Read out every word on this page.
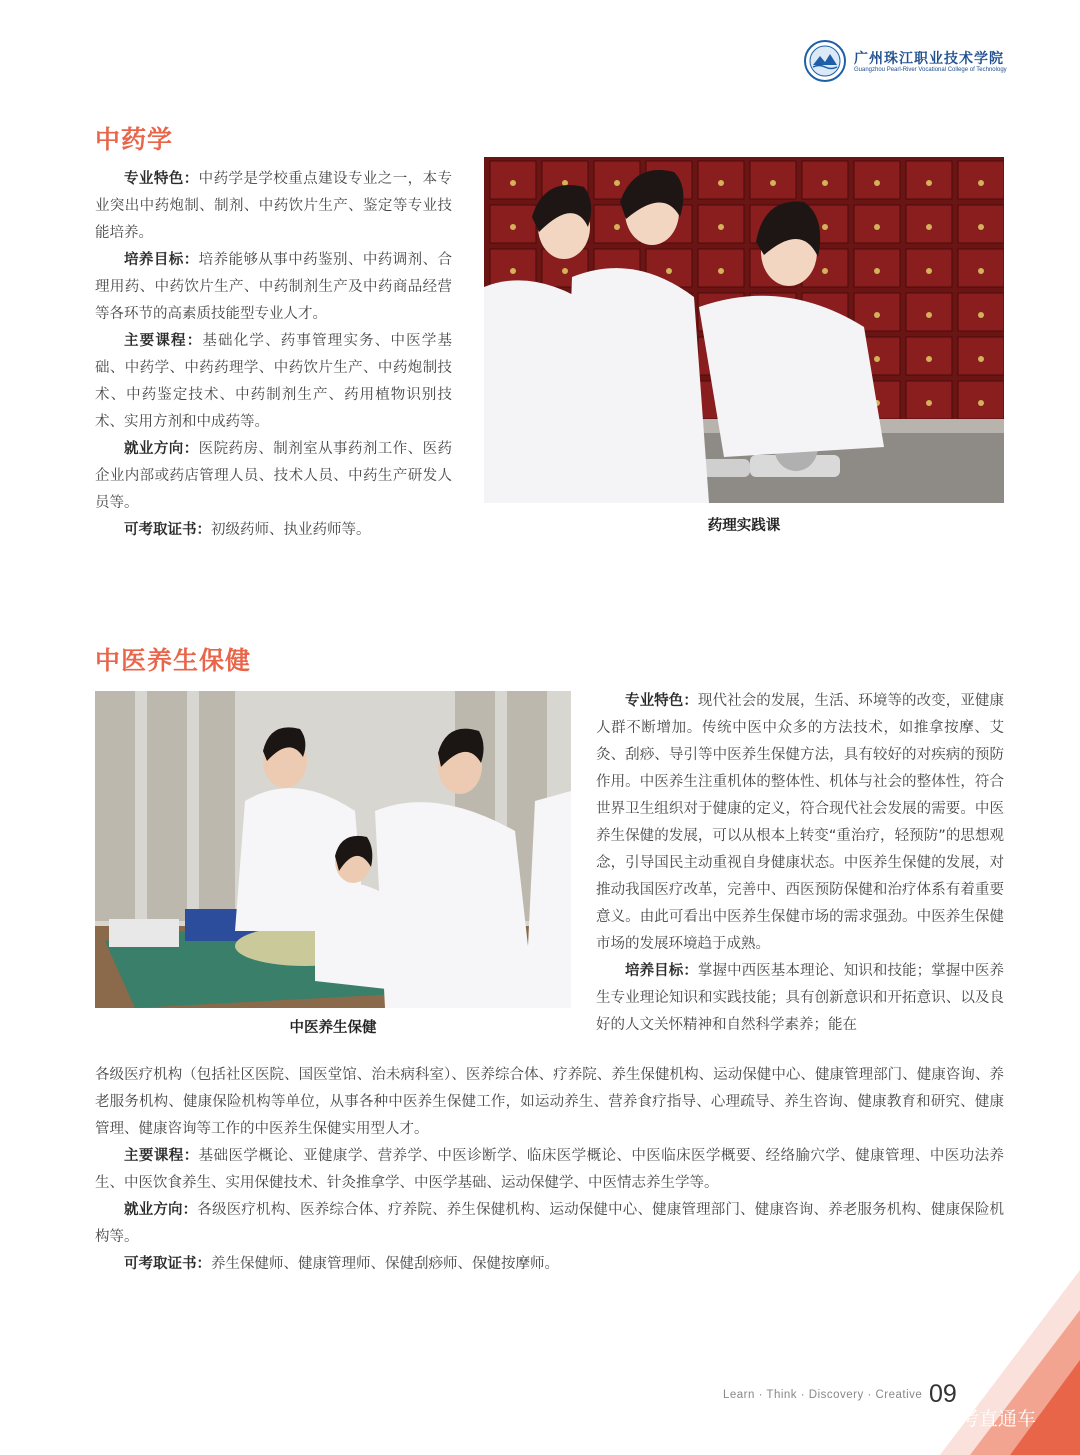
广州珠江职业技术学院
Guangzhou Pearl-River Vocational College of Technology
中药学

专业特色：中药学是学校重点建设专业之一，本专业突出中药炮制、制剂、中药饮片生产、鉴定等专业技能培养。

培养目标：培养能够从事中药鉴别、中药调剂、合理用药、中药饮片生产、中药制剂生产及中药商品经营等各环节的高素质技能型专业人才。

主要课程：基础化学、药事管理实务、中医学基础、中药学、中药药理学、中药饮片生产、中药炮制技术、中药鉴定技术、中药制剂生产、药用植物识别技术、实用方剂和中成药等。

就业方向：医院药房、制剂室从事药剂工作、医药企业内部或药店管理人员、技术人员、中药生产研发人员等。

可考取证书：初级药师、执业药师等。	药理实践课
中医养生保健
中医养生保健

专业特色：现代社会的发展，生活、环境等的改变，亚健康人群不断增加。传统中医中众多的方法技术，如推拿按摩、艾灸、刮痧、导引等中医养生保健方法，具有较好的对疾病的预防作用。中医养生注重机体的整体性、机体与社会的整体性，符合世界卫生组织对于健康的定义，符合现代社会发展的需要。中医养生保健的发展，可以从根本上转变“重治疗，轻预防”的思想观念，引导国民主动重视自身健康状态。中医养生保健的发展，对推动我国医疗改革，完善中、西医预防保健和治疗体系有着重要意义。由此可看出中医养生保健市场的需求强劲。中医养生保健市场的发展环境趋于成熟。

培养目标：掌握中西医基本理论、知识和技能；掌握中医养生专业理论知识和实践技能；具有创新意识和开拓意识、以及良好的人文关怀精神和自然科学素养；能在

各级医疗机构（包括社区医院、国医堂馆、治未病科室）、医养综合体、疗养院、养生保健机构、运动保健中心、健康管理部门、健康咨询、养老服务机构、健康保险机构等单位，从事各种中医养生保健工作，如运动养生、营养食疗指导、心理疏导、养生咨询、健康教育和研究、健康管理、健康咨询等工作的中医养生保健实用型人才。

主要课程：基础医学概论、亚健康学、营养学、中医诊断学、临床医学概论、中医临床医学概要、经络腧穴学、健康管理、中医功法养生、中医饮食养生、实用保健技术、针灸推拿学、中医学基础、运动保健学、中医情志养生学等。

就业方向：各级医疗机构、医养综合体、疗养院、养生保健机构、运动保健中心、健康管理部门、健康咨询、养老服务机构、健康保险机构等。

可考取证书：养生保健师、健康管理师、保健刮痧师、保健按摩师。

Learn · Think · Discovery · Creative 09
高考直通车
